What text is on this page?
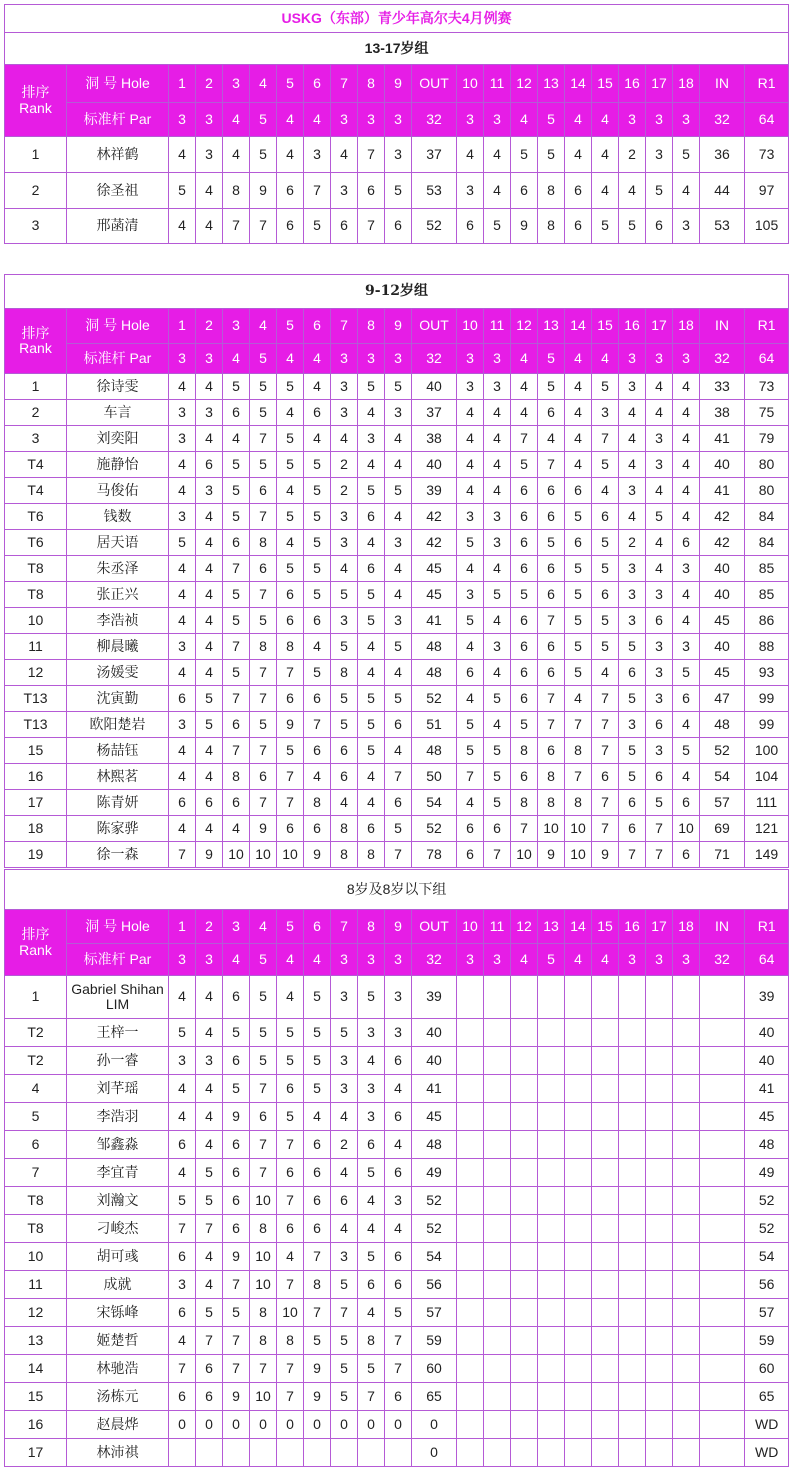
USKG（东部）青少年高尔夫4月例赛																						
13-17岁组																						
排序 Rank	洞 号 Hole	1	2	3	4	5	6	7	8	9	OUT	10	11	12	13	14	15	16	17	18	IN	R1
	标准杆 Par	3	3	4	5	4	4	3	3	3	32	3	3	4	5	4	4	3	3	3	32	64
1	林祥鹤	4	3	4	5	4	3	4	7	3	37	4	4	5	5	4	4	2	3	5	36	73
2	徐圣祖	5	4	8	9	6	7	3	6	5	53	3	4	6	8	6	4	4	5	4	44	97
3	邢菡清	4	4	7	7	6	5	6	7	6	52	6	5	9	8	6	5	5	6	3	53	105
9-12岁组																						
排序 Rank	洞 号 Hole	1	2	3	4	5	6	7	8	9	OUT	10	11	12	13	14	15	16	17	18	IN	R1
	标准杆 Par	3	3	4	5	4	4	3	3	3	32	3	3	4	5	4	4	3	3	3	32	64
1	徐诗雯	4	4	5	5	5	4	3	5	5	40	3	3	4	5	4	5	3	4	4	33	73
2	车言	3	3	6	5	4	6	3	4	3	37	4	4	4	6	4	3	4	4	4	38	75
3	刘奕阳	3	4	4	7	5	4	4	3	4	38	4	4	7	4	4	7	4	3	4	41	79
T4	施静怡	4	6	5	5	5	5	2	4	4	40	4	4	5	7	4	5	4	3	4	40	80
T4	马俊佑	4	3	5	6	4	5	2	5	5	39	4	4	6	6	6	4	3	4	4	41	80
T6	钱数	3	4	5	7	5	5	3	6	4	42	3	3	6	6	5	6	4	5	4	42	84
T6	居天语	5	4	6	8	4	5	3	4	3	42	5	3	6	5	6	5	2	4	6	42	84
T8	朱丞泽	4	4	7	6	5	5	4	6	4	45	4	4	6	6	5	5	3	4	3	40	85
T8	张正兴	4	4	5	7	6	5	5	5	4	45	3	5	5	6	5	6	3	3	4	40	85
10	李浩祯	4	4	5	5	6	6	3	5	3	41	5	4	6	7	5	5	3	6	4	45	86
11	柳晨曦	3	4	7	8	8	4	5	4	5	48	4	3	6	6	5	5	5	3	3	40	88
12	汤媛雯	4	4	5	7	7	5	8	4	4	48	6	4	6	6	5	4	6	3	5	45	93
T13	沈寅勤	6	5	7	7	6	6	5	5	5	52	4	5	6	7	4	7	5	3	6	47	99
T13	欧阳楚岩	3	5	6	5	9	7	5	5	6	51	5	4	5	7	7	7	3	6	4	48	99
15	杨喆钰	4	4	7	7	5	6	6	5	4	48	5	5	8	6	8	7	5	3	5	52	100
16	林熙茗	4	4	8	6	7	4	6	4	7	50	7	5	6	8	7	6	5	6	4	54	104
17	陈青妍	6	6	6	7	7	8	4	4	6	54	4	5	8	8	8	7	6	5	6	57	111
18	陈家骅	4	4	4	9	6	6	8	6	5	52	6	6	7	10	10	7	6	7	10	69	121
19	徐一森	7	9	10	10	10	9	8	8	7	78	6	7	10	9	10	9	7	7	6	71	149
8岁及8岁以下组																						
排序 Rank	洞 号 Hole	1	2	3	4	5	6	7	8	9	OUT	10	11	12	13	14	15	16	17	18	IN	R1
	标准杆 Par	3	3	4	5	4	4	3	3	3	32	3	3	4	5	4	4	3	3	3	32	64
1	Gabriel Shihan LIM	4	4	6	5	4	5	3	5	3	39											39
T2	王梓一	5	4	5	5	5	5	5	3	3	40											40
T2	孙一睿	3	3	6	5	5	5	3	4	6	40											40
4	刘芊瑶	4	4	5	7	6	5	3	3	4	41											41
5	李浩羽	4	4	9	6	5	4	4	3	6	45											45
6	邹鑫淼	6	4	6	7	7	6	2	6	4	48											48
7	李宜青	4	5	6	7	6	6	4	5	6	49											49
T8	刘瀚文	5	5	6	10	7	6	6	4	3	52											52
T8	刁峻杰	7	7	6	8	6	6	4	4	4	52											52
10	胡可彧	6	4	9	10	4	7	3	5	6	54											54
11	成就	3	4	7	10	7	8	5	6	6	56											56
12	宋铄峰	6	5	5	8	10	7	7	4	5	57											57
13	姬楚哲	4	7	7	8	8	5	5	8	7	59											59
14	林驰浩	7	6	7	7	7	9	5	5	7	60											60
15	汤栋元	6	6	9	10	7	9	5	7	6	65											65
16	赵晨烨	0	0	0	0	0	0	0	0	0	0											WD
17	林沛祺										0											WD
